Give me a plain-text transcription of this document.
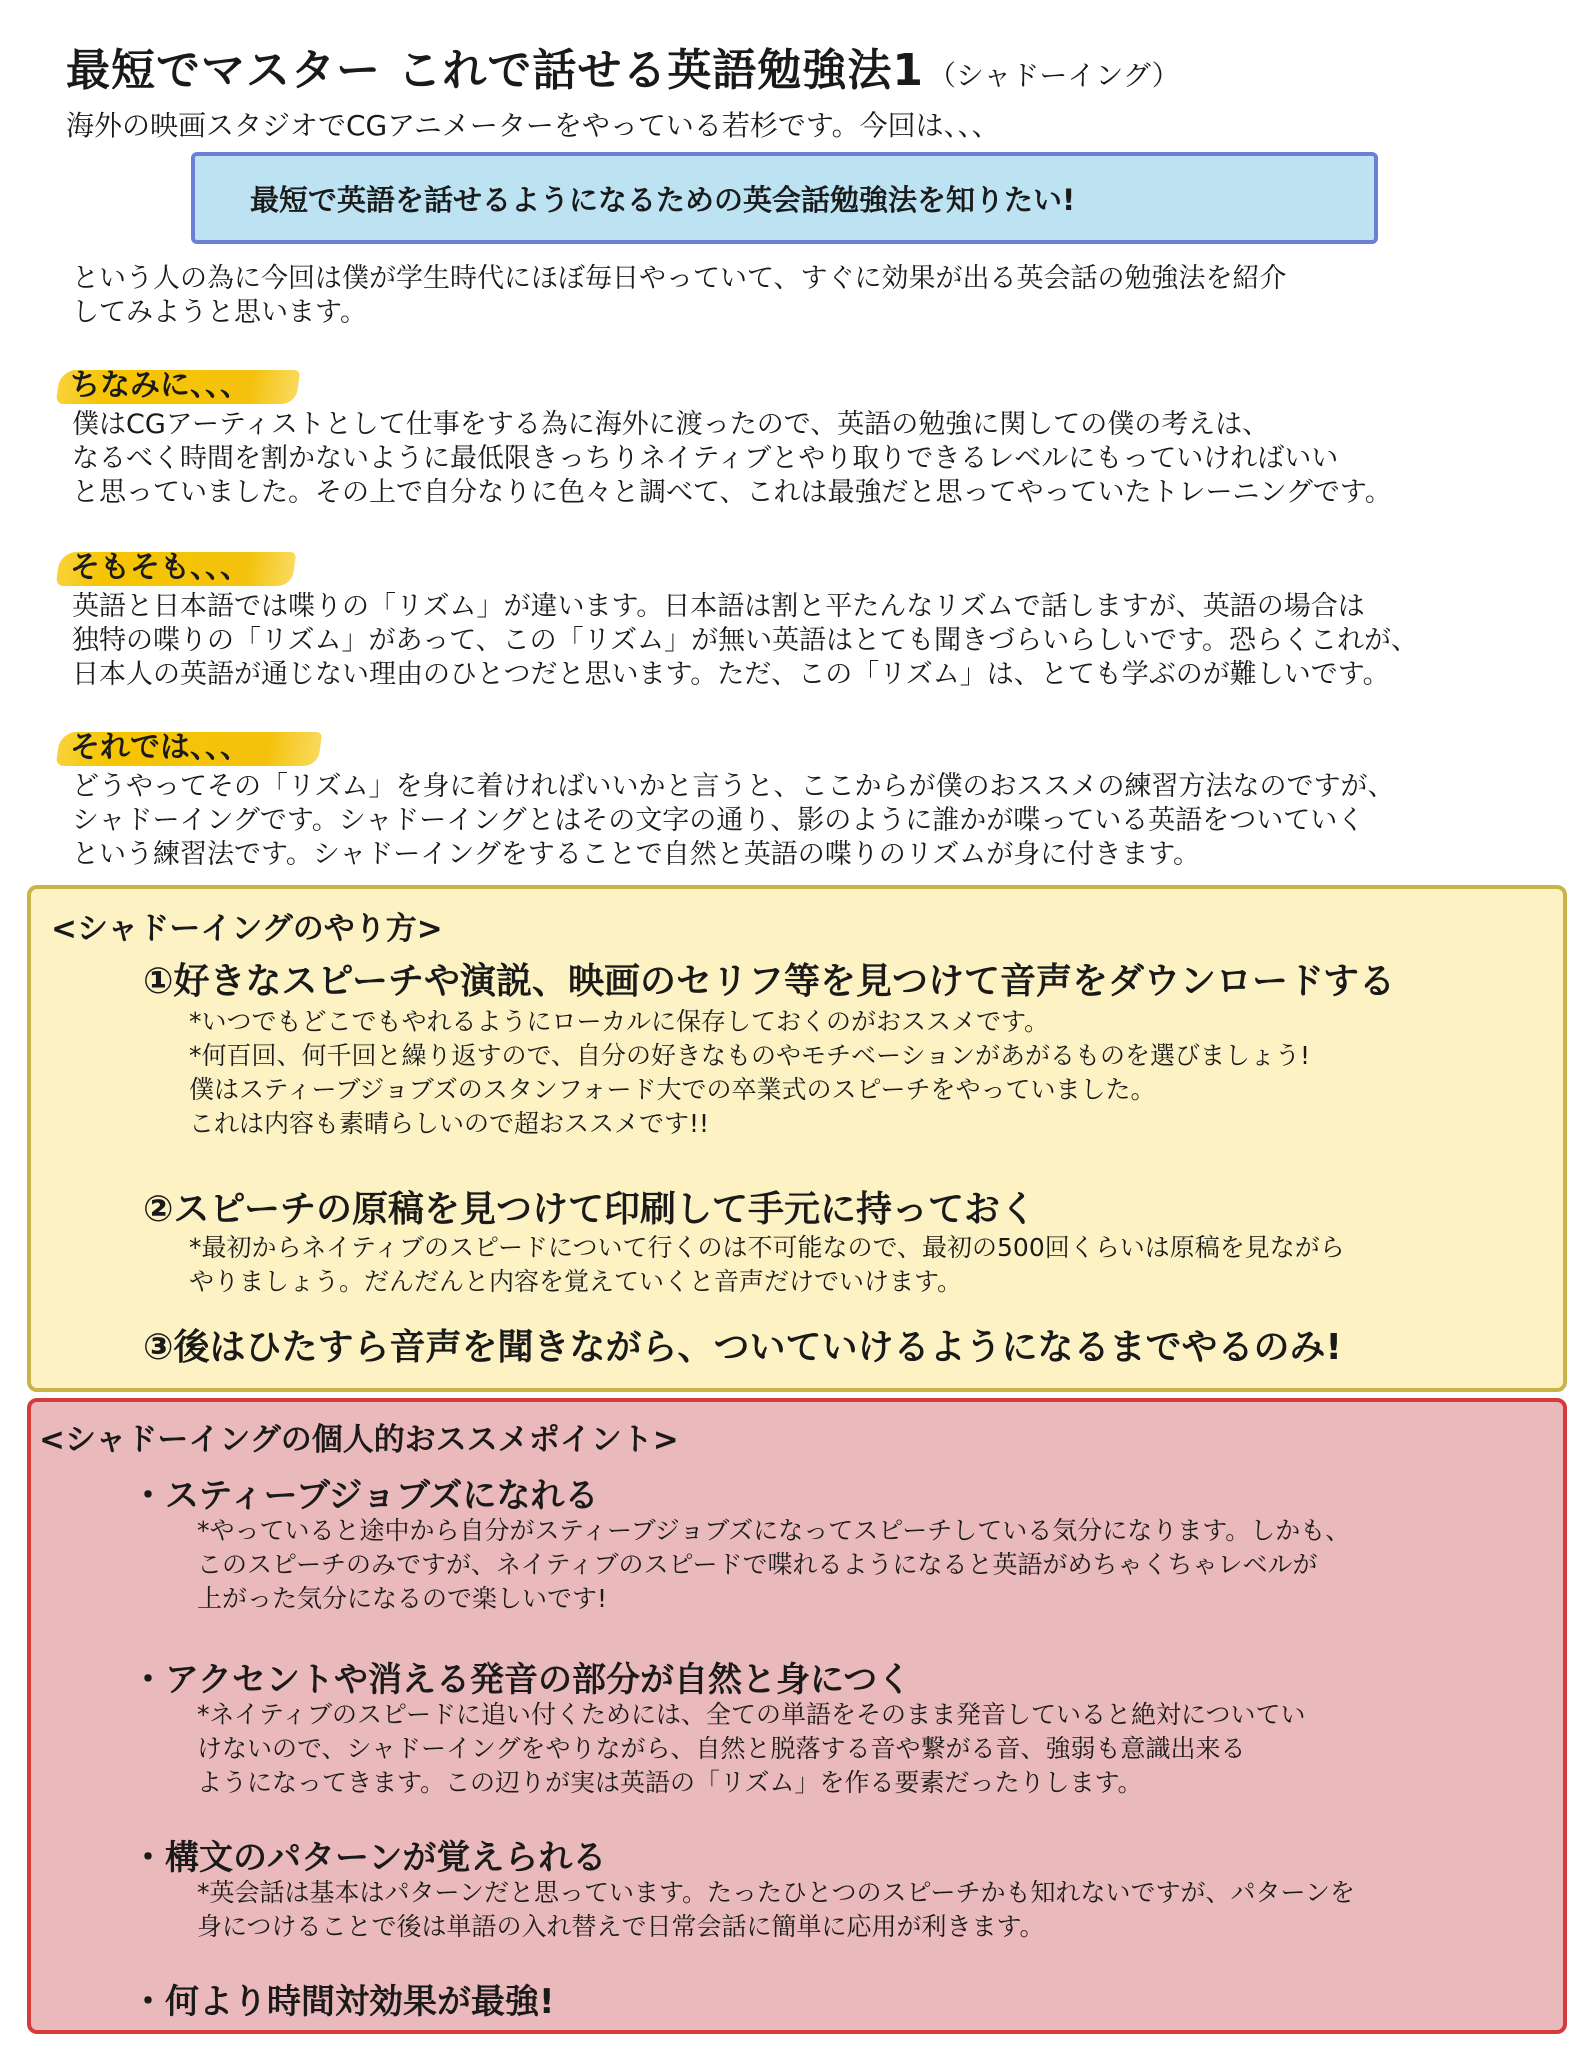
最短でマスター これで話せる英語勉強法1 （シャドーイング）
海外の映画スタジオでCGアニメーターをやっている若杉です。今回は、、、
最短で英語を話せるようになるための英会話勉強法を知りたい!
という人の為に今回は僕が学生時代にほぼ毎日やっていて、すぐに効果が出る英会話の勉強法を紹介
してみようと思います。
ちなみに、、、
僕はCGアーティストとして仕事をする為に海外に渡ったので、英語の勉強に関しての僕の考えは、
なるべく時間を割かないように最低限きっちりネイティブとやり取りできるレベルにもっていければいい
と思っていました。その上で自分なりに色々と調べて、これは最強だと思ってやっていたトレーニングです。
そもそも、、、
英語と日本語では喋りの「リズム」が違います。日本語は割と平たんなリズムで話しますが、英語の場合は
独特の喋りの「リズム」があって、この「リズム」が無い英語はとても聞きづらいらしいです。恐らくこれが、
日本人の英語が通じない理由のひとつだと思います。ただ、この「リズム」は、とても学ぶのが難しいです。
それでは、、、
どうやってその「リズム」を身に着ければいいかと言うと、ここからが僕のおススメの練習方法なのですが、
シャドーイングです。シャドーイングとはその文字の通り、影のように誰かが喋っている英語をついていく
という練習法です。シャドーイングをすることで自然と英語の喋りのリズムが身に付きます。
<シャドーイングのやり方>
①好きなスピーチや演説、映画のセリフ等を見つけて音声をダウンロードする
*いつでもどこでもやれるようにローカルに保存しておくのがおススメです。
*何百回、何千回と繰り返すので、自分の好きなものやモチベーションがあがるものを選びましょう!
僕はスティーブジョブズのスタンフォード大での卒業式のスピーチをやっていました。
これは内容も素晴らしいので超おススメです!!
②スピーチの原稿を見つけて印刷して手元に持っておく
*最初からネイティブのスピードについて行くのは不可能なので、最初の500回くらいは原稿を見ながら
やりましょう。だんだんと内容を覚えていくと音声だけでいけます。
③後はひたすら音声を聞きながら、ついていけるようになるまでやるのみ!
<シャドーイングの個人的おススメポイント>
・スティーブジョブズになれる
*やっていると途中から自分がスティーブジョブズになってスピーチしている気分になります。しかも、
このスピーチのみですが、ネイティブのスピードで喋れるようになると英語がめちゃくちゃレベルが
上がった気分になるので楽しいです!
・アクセントや消える発音の部分が自然と身につく
*ネイティブのスピードに追い付くためには、全ての単語をそのまま発音していると絶対についてい
けないので、シャドーイングをやりながら、自然と脱落する音や繋がる音、強弱も意識出来る
ようになってきます。この辺りが実は英語の「リズム」を作る要素だったりします。
・構文のパターンが覚えられる
*英会話は基本はパターンだと思っています。たったひとつのスピーチかも知れないですが、パターンを
身につけることで後は単語の入れ替えで日常会話に簡単に応用が利きます。
・何より時間対効果が最強!
